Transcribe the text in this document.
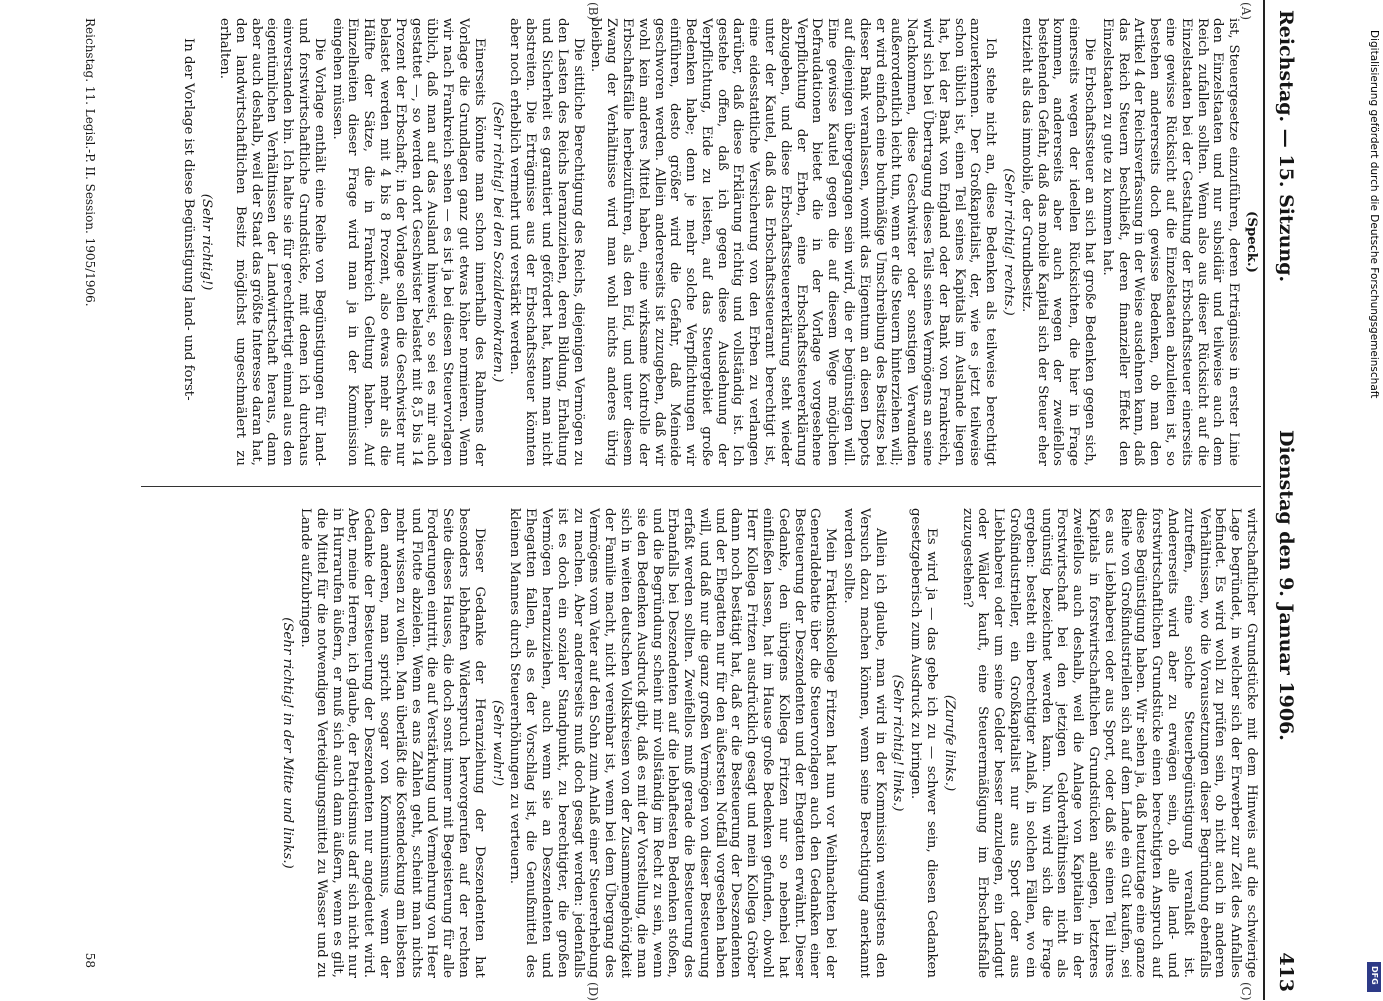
Reichstag. — 15. Sitzung.
Dienstag den 9. Januar 1906.
413
(A)
(B)
(C)
(D)
(Speck.)

ist, Steuergesetze einzuführen, deren Erträgnisse in erster Linie den Einzelstaaten und nur subsidiär und teilweise auch dem Reich zufallen sollten. Wenn also aus dieser Rücksicht auf die Einzelstaaten bei der Gestaltung der Erbschaftssteuer einerseits eine gewisse Rücksicht auf die Einzelstaaten abzuleiten ist, so bestehen andererseits doch gewisse Bedenken, ob man den Artikel 4 der Reichsverfassung in der Weise ausdehnen kann, daß das Reich Steuern beschließt, deren finanzieller Effekt den Einzelstaaten zu gute zu kommen hat.

Die Erbschaftssteuer an sich hat große Bedenken gegen sich, einerseits wegen der ideellen Rücksichten, die hier in Frage kommen, andererseits aber auch wegen der zweifellos bestehenden Gefahr, daß das mobile Kapital sich der Steuer eher entzieht als das immobile, der Grundbesitz.

(Sehr richtig! rechts.)

Ich stehe nicht an, diese Bedenken als teilweise berechtigt anzuerkennen. Der Großkapitalist, der, wie es jetzt teilweise schon üblich ist, einen Teil seines Kapitals im Auslande liegen hat, bei der Bank von England oder der Bank von Frankreich, wird sich bei Übertragung dieses Teils seines Vermögens an seine Nachkommen, diese Geschwister oder sonstigen Verwandten außerordentlich leicht tun, wenn er die Steuern hinterziehen will; er wird einfach eine buchmäßige Umschreibung des Besitzes bei dieser Bank veranlassen, womit das Eigentum an diesen Depots auf diejenigen übergegangen sein wird, die er begünstigen will. Eine gewisse Kautel gegen die auf diesem Wege möglichen Defraudationen bietet die in der Vorlage vorgesehene Verpflichtung der Erben, eine Erbschaftssteuererklärung abzugeben, und diese Erbschaftssteuererklärung steht wieder unter der Kautel, daß das Erbschaftssteueramt berechtigt ist, eine eidesstattliche Versicherung von den Erben zu verlangen darüber, daß diese Erklärung richtig und vollständig ist. Ich gestehe offen, daß ich gegen diese Ausdehnung der Verpflichtung, Eide zu leisten, auf das Steuergebiet große Bedenken habe; denn je mehr solche Verpflichtungen wir einführen, desto größer wird die Gefahr, daß Meineide geschworen werden. Allein andererseits ist zuzugeben, daß wir wohl kein anderes Mittel haben, eine wirksame Kontrolle der Erbschaftsfälle herbeizuführen, als den Eid, und unter diesem Zwang der Verhältnisse wird man wohl nichts anderes übrig bleiben.

Die sittliche Berechtigung des Reichs, diejenigen Vermögen zu den Lasten des Reichs heranzuziehen, deren Bildung, Erhaltung und Sicherheit es garantiert und gefördert hat, kann man nicht abstreiten. Die Erträgnisse aus der Erbschaftssteuer könnten aber noch erheblich vermehrt und verstärkt werden.

(Sehr richtig! bei den Sozialdemokraten.)

Einerseits könnte man schon innerhalb des Rahmens der Vorlage die Grundlagen ganz gut etwas höher normieren. Wenn wir nach Frankreich sehen — es ist ja bei diesen Steuervorlagen üblich, daß man auf das Ausland hinweist, so sei es mir auch gestattet —, so werden dort Geschwister belastet mit 8,5 bis 14 Prozent der Erbschaft; in der Vorlage sollen die Geschwister nur belastet werden mit 4 bis 8 Prozent, also etwas mehr als die Hälfte der Sätze, die in Frankreich Geltung haben. Auf Einzelheiten dieser Frage wird man ja in der Kommission eingehen müssen.

Die Vorlage enthält eine Reihe von Begünstigungen für land- und forstwirtschaftliche Grundstücke, mit denen ich durchaus einverstanden bin. Ich halte sie für gerechtfertigt einmal aus den eigentümlichen Verhältnissen der Landwirtschaft heraus, dann aber auch deshalb, weil der Staat das größte Interesse daran hat, den landwirtschaftlichen Besitz möglichst ungeschmälert zu erhalten.

(Sehr richtig!)

In der Vorlage ist diese Begünstigung land- und forst-

wirtschaftlicher Grundstücke mit dem Hinweis auf die schwierige Lage begründet, in welcher sich der Erwerber zur Zeit des Anfalles befindet. Es wird wohl zu prüfen sein, ob nicht auch in anderen Verhältnissen, wo die Voraussetzungen dieser Begründung ebenfalls zutreffen, eine solche Steuerbegünstigung veranlaßt ist. Andererseits wird aber zu erwägen sein, ob alle land- und forstwirtschaftlichen Grundstücke einen berechtigten Anspruch auf diese Begünstigung haben. Wir sehen ja, daß heutzutage eine ganze Reihe von Großindustriellen sich auf dem Lande ein Gut kaufen, sei es aus Liebhaberei oder aus Sport, oder daß sie einen Teil ihres Kapitals in forstwirtschaftlichen Grundstücken anlegen, letzteres zweifellos auch deshalb, weil die Anlage von Kapitalien in der Forstwirtschaft bei den jetzigen Geldverhältnissen nicht als ungünstig bezeichnet werden kann. Nun wird sich die Frage ergeben: besteht ein berechtigter Anlaß, in solchen Fällen, wo ein Großindustrieller, ein Großkapitalist nur aus Sport oder aus Liebhaberei oder um seine Gelder besser anzulegen, ein Landgut oder Wälder kauft, eine Steuerermäßigung im Erbschaftsfalle zuzugestehen?

(Zurufe links.)

Es wird ja — das gebe ich zu — schwer sein, diesen Gedanken gesetzgeberisch zum Ausdruck zu bringen.

(Sehr richtig! links.)

Allein ich glaube, man wird in der Kommission wenigstens den Versuch dazu machen können, wenn seine Berechtigung anerkannt werden sollte.

Mein Fraktionskollege Fritzen hat nun vor Weihnachten bei der Generaldebatte über die Steuervorlagen auch den Gedanken einer Besteuerung der Deszendenten und der Ehegatten erwähnt. Dieser Gedanke, den übrigens Kollega Fritzen nur so nebenbei hat einfließen lassen, hat im Hause große Bedenken gefunden, obwohl Herr Kollega Fritzen ausdrücklich gesagt und mein Kollega Gröber dann noch bestätigt hat, daß er die Besteuerung der Deszendenten und der Ehegatten nur für den äußersten Notfall vorgesehen haben will, und daß nur die ganz großen Vermögen von dieser Besteuerung erfaßt werden sollten. Zweifellos muß gerade die Besteuerung des Erbanfalls bei Deszendenten auf die lebhaftesten Bedenken stoßen, und die Begründung scheint mir vollständig im Recht zu sein, wenn sie den Bedenken Ausdruck gibt, daß es mit der Vorstellung, die man sich in weiten deutschen Volkskreisen von der Zusammengehörigkeit der Familie macht, nicht vereinbar ist, wenn bei dem Übergang des Vermögens vom Vater auf den Sohn zum Anlaß einer Steuererhebung zu machen. Aber andererseits muß doch gesagt werden: jedenfalls ist es doch ein sozialer Standpunkt, zu berechtigter, die großen Vermögen heranzuziehen, auch wenn sie an Deszendenten und Ehegatten fallen, als es der Vorschlag ist, die Genußmittel des kleinen Mannes durch Steuererhöhungen zu verteuern.

(Sehr wahr!)

Dieser Gedanke der Heranziehung der Deszendenten hat besonders lebhaften Widerspruch hervorgerufen auf der rechten Seite dieses Hauses, die doch sonst immer mit Begeisterung für alle Forderungen eintritt, die auf Verstärkung und Vermehrung von Heer und Flotte abzielen. Wenn es ans Zahlen geht, scheint man nichts mehr wissen zu wollen. Man überläßt die Kostendeckung am liebsten den anderen, man spricht sogar von Kommunismus, wenn der Gedanke der Besteuerung der Deszendenten nur angedeutet wird. Aber, meine Herren, ich glaube, der Patriotismus darf sich nicht nur in Hurrarufen äußern, er muß sich auch dann äußern, wenn es gilt, die Mittel für die notwendigen Verteidigungsmittel zu Wasser und zu Lande aufzubringen.

(Sehr richtig! in der Mitte und links.)

Reichstag. 11. Legisl.-P. II. Session. 1905/1906.
58
Digitalisierung gefördert durch die Deutsche Forschungsgemeinschaft
DFG
